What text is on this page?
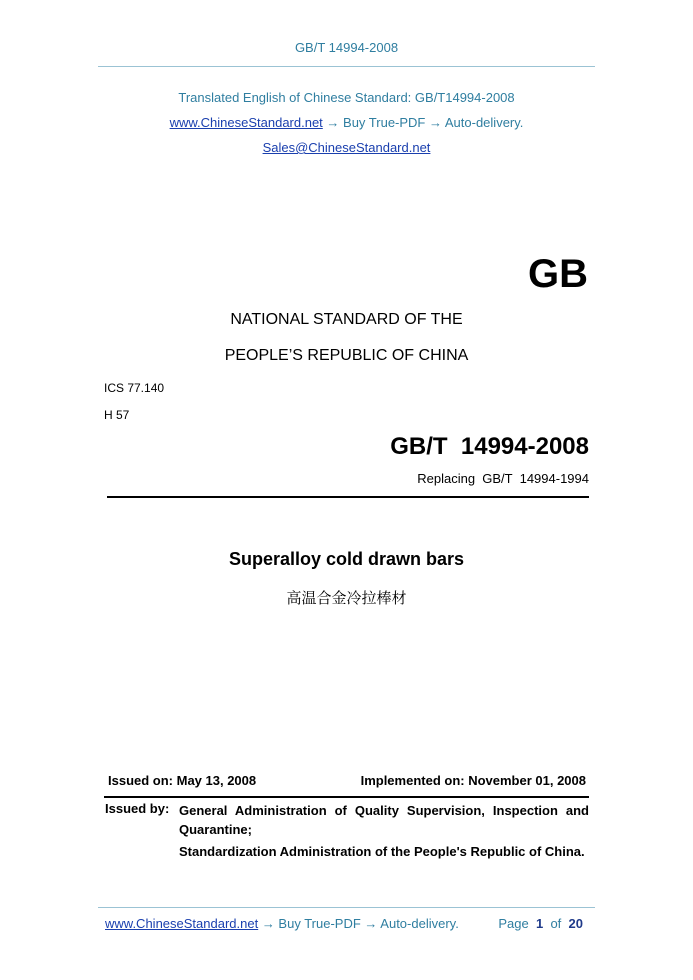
GB/T 14994-2008
Translated English of Chinese Standard: GB/T14994-2008
www.ChineseStandard.net → Buy True-PDF → Auto-delivery.
Sales@ChineseStandard.net
GB
NATIONAL STANDARD OF THE
PEOPLE’S REPUBLIC OF CHINA
ICS 77.140
H 57
GB/T  14994-2008
Replacing  GB/T  14994-1994
Superalloy cold drawn bars
高温合金冷拉棒材
Issued on: May 13, 2008	Implemented on: November 01, 2008
Issued by: General Administration of Quality Supervision, Inspection and Quarantine;
Standardization Administration of the People's Republic of China.
www.ChineseStandard.net → Buy True-PDF → Auto-delivery.	Page 1 of 20
